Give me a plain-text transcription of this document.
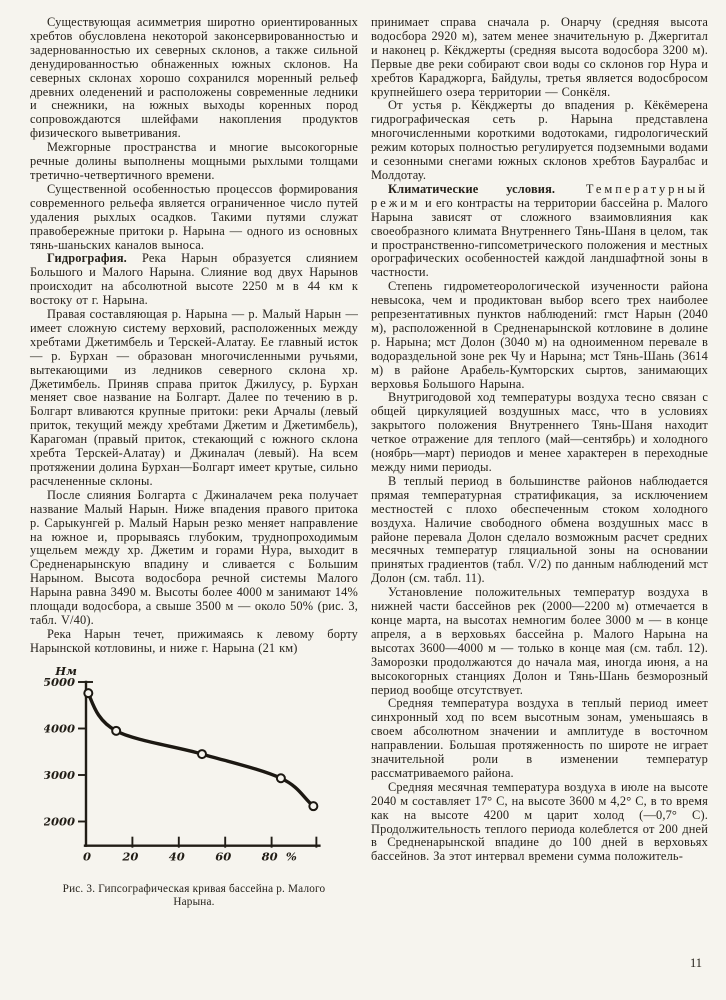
Существующая асимметрия широтно ориентированных хребтов обусловлена некоторой законсервированностью и задернованностью их северных склонов, а также сильной денудированностью обнаженных южных склонов. На северных склонах хорошо сохранился моренный рельеф древних оледенений и расположены современные ледники и снежники, на южных выходы коренных пород сопровождаются шлейфами накопления продуктов физического выветривания.

Межгорные пространства и многие высокогорные речные долины выполнены мощными рыхлыми толщами третично-четвертичного времени.

Существенной особенностью процессов формирования современного рельефа является ограниченное число путей удаления рыхлых осадков. Такими путями служат правобережные притоки р. Нарына — одного из основных тянь-шаньских каналов выноса.

Гидрография. Река Нарын образуется слиянием Большого и Малого Нарына. Слияние вод двух Нарынов происходит на абсолютной высоте 2250 м в 44 км к востоку от г. Нарына.

Правая составляющая р. Нарына — р. Малый Нарын — имеет сложную систему верховий, расположенных между хребтами Джетимбель и Терскей-Алатау. Ее главный исток — р. Бурхан — образован многочисленными ручьями, вытекающими из ледников северного склона хр. Джетимбель. Приняв справа приток Джилусу, р. Бурхан меняет свое название на Болгарт. Далее по течению в р. Болгарт вливаются крупные притоки: реки Арчалы (левый приток, текущий между хребтами Джетим и Джетимбель), Карагоман (правый приток, стекающий с южного склона хребта Терскей-Алатау) и Джиналач (левый). На всем протяжении долина Бурхан—Болгарт имеет крутые, сильно расчлененные склоны.

После слияния Болгарта с Джиналачем река получает название Малый Нарын. Ниже впадения правого притока р. Сарыкунгей р. Малый Нарын резко меняет направление на южное и, прорываясь глубоким, труднопроходимым ущельем между хр. Джетим и горами Нура, выходит в Средненарынскую впадину и сливается с Большим Нарыном. Высота водосбора речной системы Малого Нарына равна 3490 м. Высоты более 4000 м занимают 14% площади водосбора, а свыше 3500 м — около 50% (рис. 3, табл. V/40).

Река Нарын течет, прижимаясь к левому борту Нарынской котловины, и ниже г. Нарына (21 км)

5000
4000
3000
2000
0	20	40	60	80 %
Нм
Рис. 3. Гипсографическая кривая бассейна р. Малого Нарына.

принимает справа сначала р. Онарчу (средняя высота водосбора 2920 м), затем менее значительную р. Джергитал и наконец р. Кёкджерты (средняя высота водосбора 3200 м). Первые две реки собирают свои воды со склонов гор Нура и хребтов Караджорга, Байдулы, третья является водосбросом крупнейшего озера территории — Сонкёля.

От устья р. Кёкджерты до впадения р. Кёкёмерена гидрографическая сеть р. Нарына представлена многочисленными короткими водотоками, гидрологический режим которых полностью регулируется подземными водами и сезонными снегами южных склонов хребтов Бауралбас и Молдотау.

Климатические условия. Температурный режим и его контрасты на территории бассейна р. Малого Нарына зависят от сложного взаимовлияния как своеобразного климата Внутреннего Тянь-Шаня в целом, так и пространственно-гипсометрического положения и местных орографических особенностей каждой ландшафтной зоны в частности.

Степень гидрометеорологической изученности района невысока, чем и продиктован выбор всего трех наиболее репрезентативных пунктов наблюдений: гмст Нарын (2040 м), расположенной в Средненарынской котловине в долине р. Нарына; мст Долон (3040 м) на одноименном перевале в водораздельной зоне рек Чу и Нарына; мст Тянь-Шань (3614 м) в районе Арабель-Кумторских сыртов, занимающих верховья Большого Нарына.

Внутригодовой ход температуры воздуха тесно связан с общей циркуляцией воздушных масс, что в условиях закрытого положения Внутреннего Тянь-Шаня находит четкое отражение для теплого (май—сентябрь) и холодного (ноябрь—март) периодов и менее характерен в переходные между ними периоды.

В теплый период в большинстве районов наблюдается прямая температурная стратификация, за исключением местностей с плохо обеспеченным стоком холодного воздуха. Наличие свободного обмена воздушных масс в районе перевала Долон сделало возможным расчет средних месячных температур гляциальной зоны на основании принятых градиентов (табл. V/2) по данным наблюдений мст Долон (см. табл. 11).

Установление положительных температур воздуха в нижней части бассейнов рек (2000—2200 м) отмечается в конце марта, на высотах немногим более 3000 м — в конце апреля, а в верховьях бассейна р. Малого Нарына на высотах 3600—4000 м — только в конце мая (см. табл. 12). Заморозки продолжаются до начала мая, иногда июня, а на высокогорных станциях Долон и Тянь-Шань безморозный период вообще отсутствует.

Средняя температура воздуха в теплый период имеет синхронный ход по всем высотным зонам, уменьшаясь в своем абсолютном значении и амплитуде в восточном направлении. Большая протяженность по широте не играет значительной роли в изменении температур рассматриваемого района.

Средняя месячная температура воздуха в июле на высоте 2040 м составляет 17° С, на высоте 3600 м 4,2° С, в то время как на высоте 4200 м царит холод (—0,7° С). Продолжительность теплого периода колеблется от 200 дней в Средненарынской впадине до 100 дней в верховьях бассейнов. За этот интервал времени сумма положитель-

11
